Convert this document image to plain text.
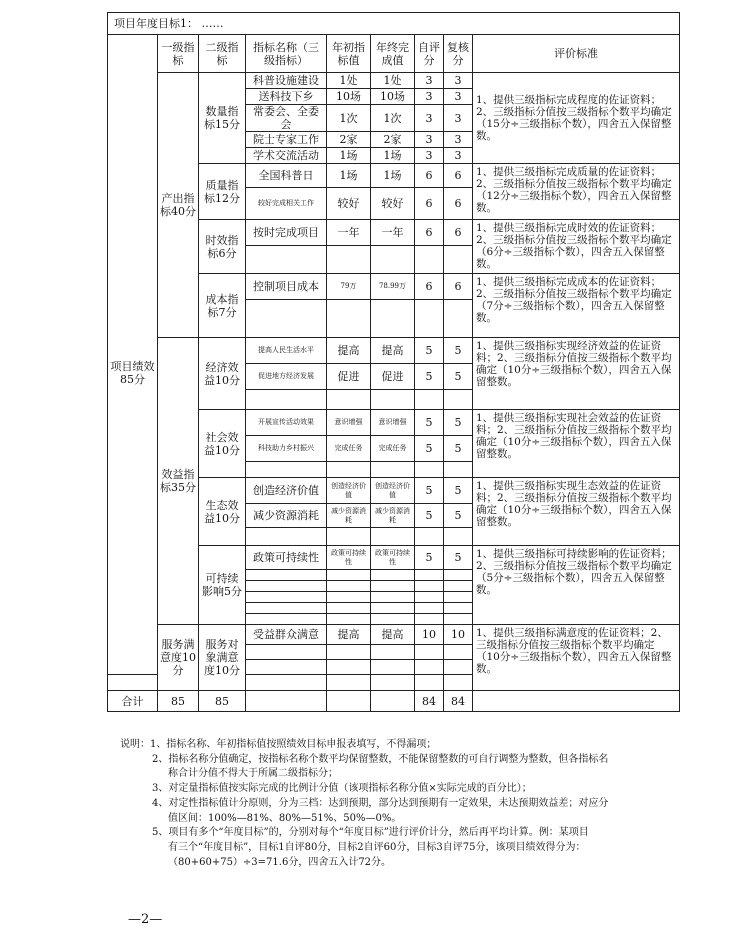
项目年度目标1： ……								
	一级指标	二级指标	指标名称（三级指标）	年初指标值	年终完成值	自评分	复核分	评价标准
项目绩效85分	产出指标40分	数量指标15分	科普设施建设	1处	1处	3	3	1、提供三级指标完成程度的佐证资料；2、三级指标分值按三级指标个数平均确定（15分÷三级指标个数），四舍五入保留整数。
			送科技下乡	10场	10场	3	3	
			常委会、全委会	1次	1次	3	3	
			院士专家工作	2家	2家	3	3	
			学术交流活动	1场	1场	3	3	
		质量指标12分	全国科普日	1场	1场	6	6	1、提供三级指标完成质量的佐证资料；2、三级指标分值按三级指标个数平均确定（12分÷三级指标个数），四舍五入保留整数。
			较好完成相关工作	较好	较好	6	6	
		时效指标6分	按时完成项目	一年	一年	6	6	1、提供三级指标完成时效的佐证资料；2、三级指标分值按三级指标个数平均确定（6分÷三级指标个数），四舍五入保留整数。

		成本指标7分	控制项目成本	79万	78.99万	6	6	1、提供三级指标完成成本的佐证资料；2、三级指标分值按三级指标个数平均确定（7分÷三级指标个数），四舍五入保留整数。

	效益指标35分	经济效益10分	提高人民生活水平	提高	提高	5	5	1、提供三级指标实现经济效益的佐证资料；2、三级指标分值按三级指标个数平均确定（10分÷三级指标个数），四舍五入保留整数。
			促进地方经济发展	促进	促进	5	5	

		社会效益10分	开展宣传活动效果	意识增强	意识增强	5	5	1、提供三级指标实现社会效益的佐证资料；2、三级指标分值按三级指标个数平均确定（10分÷三级指标个数），四舍五入保留整数。
			科技助力乡村振兴	完成任务	完成任务	5	5	

		生态效益10分	创造经济价值	创造经济价值	创造经济价值	5	5	1、提供三级指标实现生态效益的佐证资料；2、三级指标分值按三级指标个数平均确定（10分÷三级指标个数），四舍五入保留整数。
			减少资源消耗	减少资源消耗	减少资源消耗	5	5	

		可持续影响5分	政策可持续性	政策可持续性	政策可持续性	5	5	1、提供三级指标可持续影响的佐证资料；2、三级指标分值按三级指标个数平均确定（5分÷三级指标个数），四舍五入保留整数。

	服务满意度10分	服务对象满意度10分	受益群众满意	提高	提高	10	10	1、提供三级指标满意度的佐证资料；2、三级指标分值按三级指标个数平均确定（10分÷三级指标个数），四舍五入保留整数。

合计	85	85				84	84	
说明：1、指标名称、年初指标值按照绩效目标申报表填写，不得漏项；
2、指标名称分值确定，按指标名称个数平均保留整数，不能保留整数的可自行调整为整数，但各指标名
称合计分值不得大于所属二级指标分；
3、对定量指标值按实际完成的比例计分值（该项指标名称分值×实际完成的百分比）；
4、对定性指标值计分原则，分为三档：达到预期，部分达到预期有一定效果，未达预期效益差；对应分
值区间：100%—81%、80%—51%、50%—0%。
5、项目有多个“年度目标”的，分别对每个“年度目标”进行评价计分，然后再平均计算。例：某项目
有三个“年度目标”，目标1自评80分，目标2自评60分，目标3自评75分，该项目绩效得分为：
（80+60+75）÷3=71.6分，四舍五入计72分。
—2—
